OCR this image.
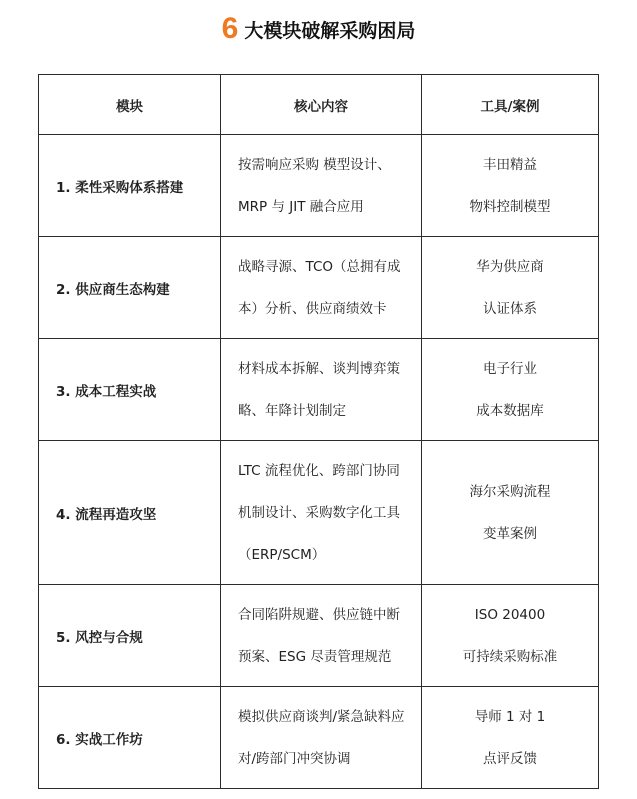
6 大模块破解采购困局
模块	核心内容	工具/案例
1. 柔性采购体系搭建	按需响应采购 模型设计、MRP 与 JIT 融合应用	丰田精益
物料控制模型

2. 供应商生态构建	战略寻源、TCO（总拥有成本）分析、供应商绩效卡	华为供应商
认证体系

3. 成本工程实战	材料成本拆解、谈判博弈策略、年降计划制定	电子行业
成本数据库

4. 流程再造攻坚	LTC 流程优化、跨部门协同机制设计、采购数字化工具（ERP/SCM）	海尔采购流程
变革案例

5. 风控与合规	合同陷阱规避、供应链中断预案、ESG 尽责管理规范	ISO 20400
可持续采购标准

6. 实战工作坊	模拟供应商谈判/紧急缺料应对/跨部门冲突协调	导师 1 对 1
点评反馈
